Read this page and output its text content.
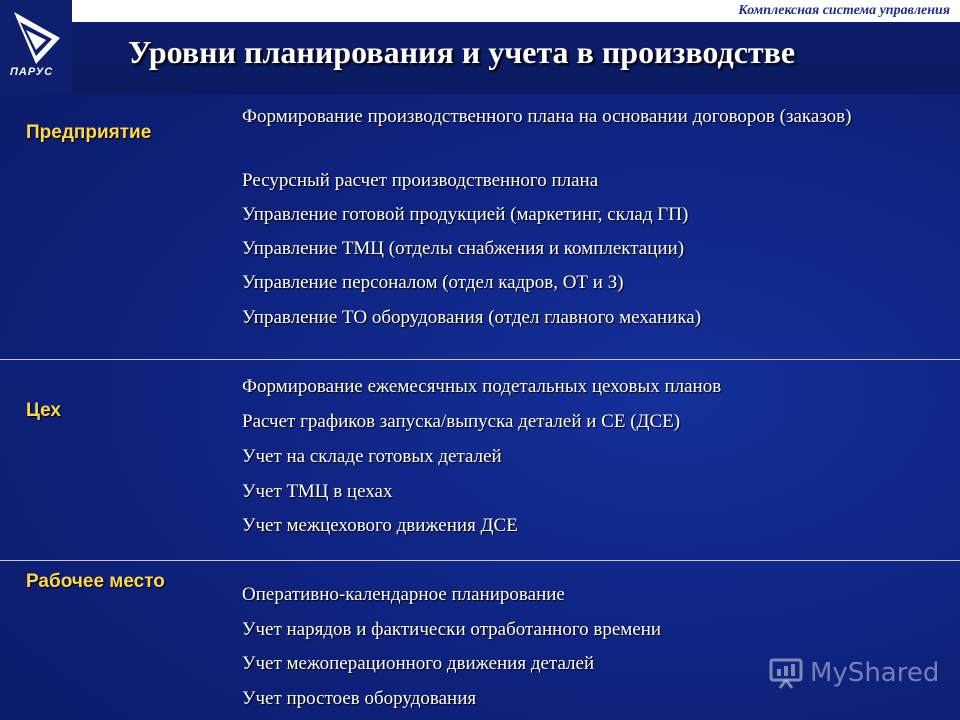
ПАРУС
Комплексная система управления
Уровни планирования и учета в производстве
Предприятие
Формирование производственного плана на основании договоров (заказов)
Ресурсный расчет производственного плана
Управление готовой продукцией (маркетинг, склад ГП)
Управление ТМЦ (отделы снабжения и комплектации)
Управление персоналом (отдел кадров, ОТ и З)
Управление ТО оборудования (отдел главного механика)
Цех
Формирование ежемесячных подетальных цеховых планов
Расчет графиков запуска/выпуска деталей и СЕ (ДСЕ)
Учет на складе готовых деталей
Учет ТМЦ в цехах
Учет межцехового движения ДСЕ
Рабочее место
Оперативно-календарное планирование
Учет нарядов и фактически отработанного времени
Учет межоперационного движения деталей
Учет простоев оборудования
MyShared
